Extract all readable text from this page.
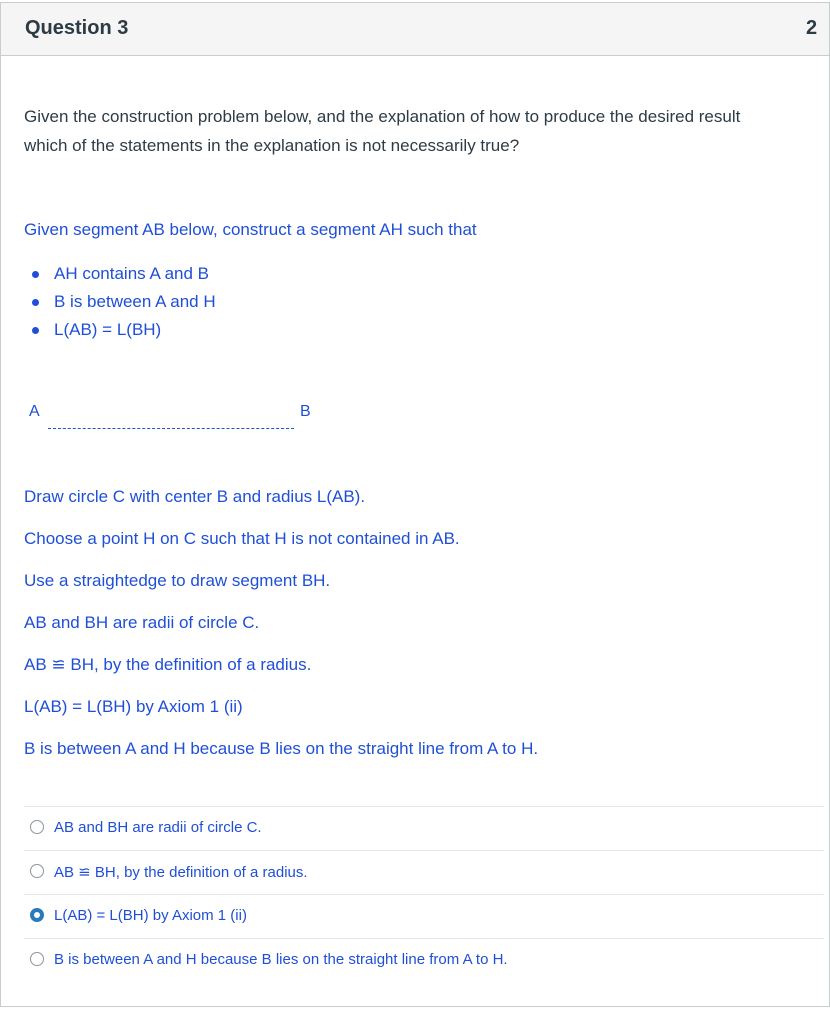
Question 3	2
Given the construction problem below, and the explanation of how to produce the desired result
which of the statements in the explanation is not necessarily true?
Given segment AB below, construct a segment AH such that
AH contains A and B
B is between A and H
L(AB) = L(BH)
A	B
Draw circle C with center B and radius L(AB).
Choose a point H on C such that H is not contained in AB.
Use a straightedge to draw segment BH.
AB and BH are radii of circle C.
AB ≌ BH, by the definition of a radius.
L(AB) = L(BH) by Axiom 1 (ii)
B is between A and H because B lies on the straight line from A to H.
AB and BH are radii of circle C.
AB ≌ BH, by the definition of a radius.
L(AB) = L(BH) by Axiom 1 (ii)
B is between A and H because B lies on the straight line from A to H.
